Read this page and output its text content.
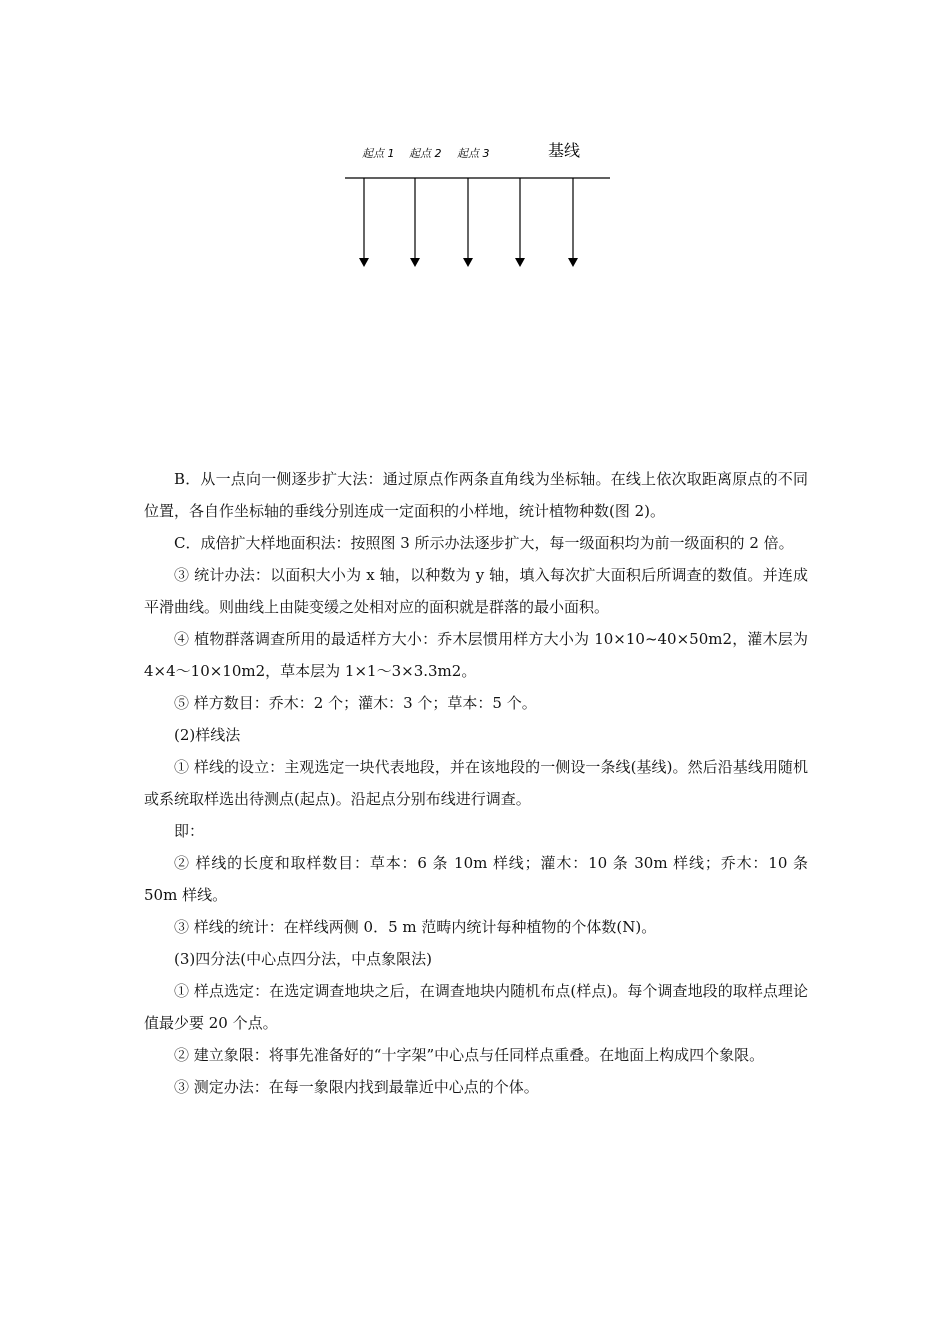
起点 1 起点 2 起点 3	基线

B．从一点向一侧逐步扩大法：通过原点作两条直角线为坐标轴。在线上依次取距离原点的不同位置，各自作坐标轴的垂线分别连成一定面积的小样地，统计植物种数(图 2)。

C．成倍扩大样地面积法：按照图 3 所示办法逐步扩大，每一级面积均为前一级面积的 2 倍。

③ 统计办法：以面积大小为 x 轴，以种数为 y 轴，填入每次扩大面积后所调查的数值。并连成平滑曲线。则曲线上由陡变缓之处相对应的面积就是群落的最小面积。

④ 植物群落调查所用的最适样方大小：乔木层惯用样方大小为 10×10~40×50m2，灌木层为 4×4～10×10m2，草本层为 1×1～3×3.3m2。

⑤ 样方数目：乔木：2 个；灌木：3 个；草本：5 个。

(2)样线法

① 样线的设立：主观选定一块代表地段，并在该地段的一侧设一条线(基线)。然后沿基线用随机或系统取样选出待测点(起点)。沿起点分别布线进行调查。

即：

② 样线的长度和取样数目：草本：6 条 10m 样线；灌木：10 条 30m 样线；乔木：10 条 50m 样线。

③ 样线的统计：在样线两侧 0．5 m 范畴内统计每种植物的个体数(N)。

(3)四分法(中心点四分法，中点象限法)

① 样点选定：在选定调查地块之后，在调查地块内随机布点(样点)。每个调查地段的取样点理论值最少要 20 个点。

② 建立象限：将事先准备好的“十字架”中心点与任同样点重叠。在地面上构成四个象限。

③ 测定办法：在每一象限内找到最靠近中心点的个体。
